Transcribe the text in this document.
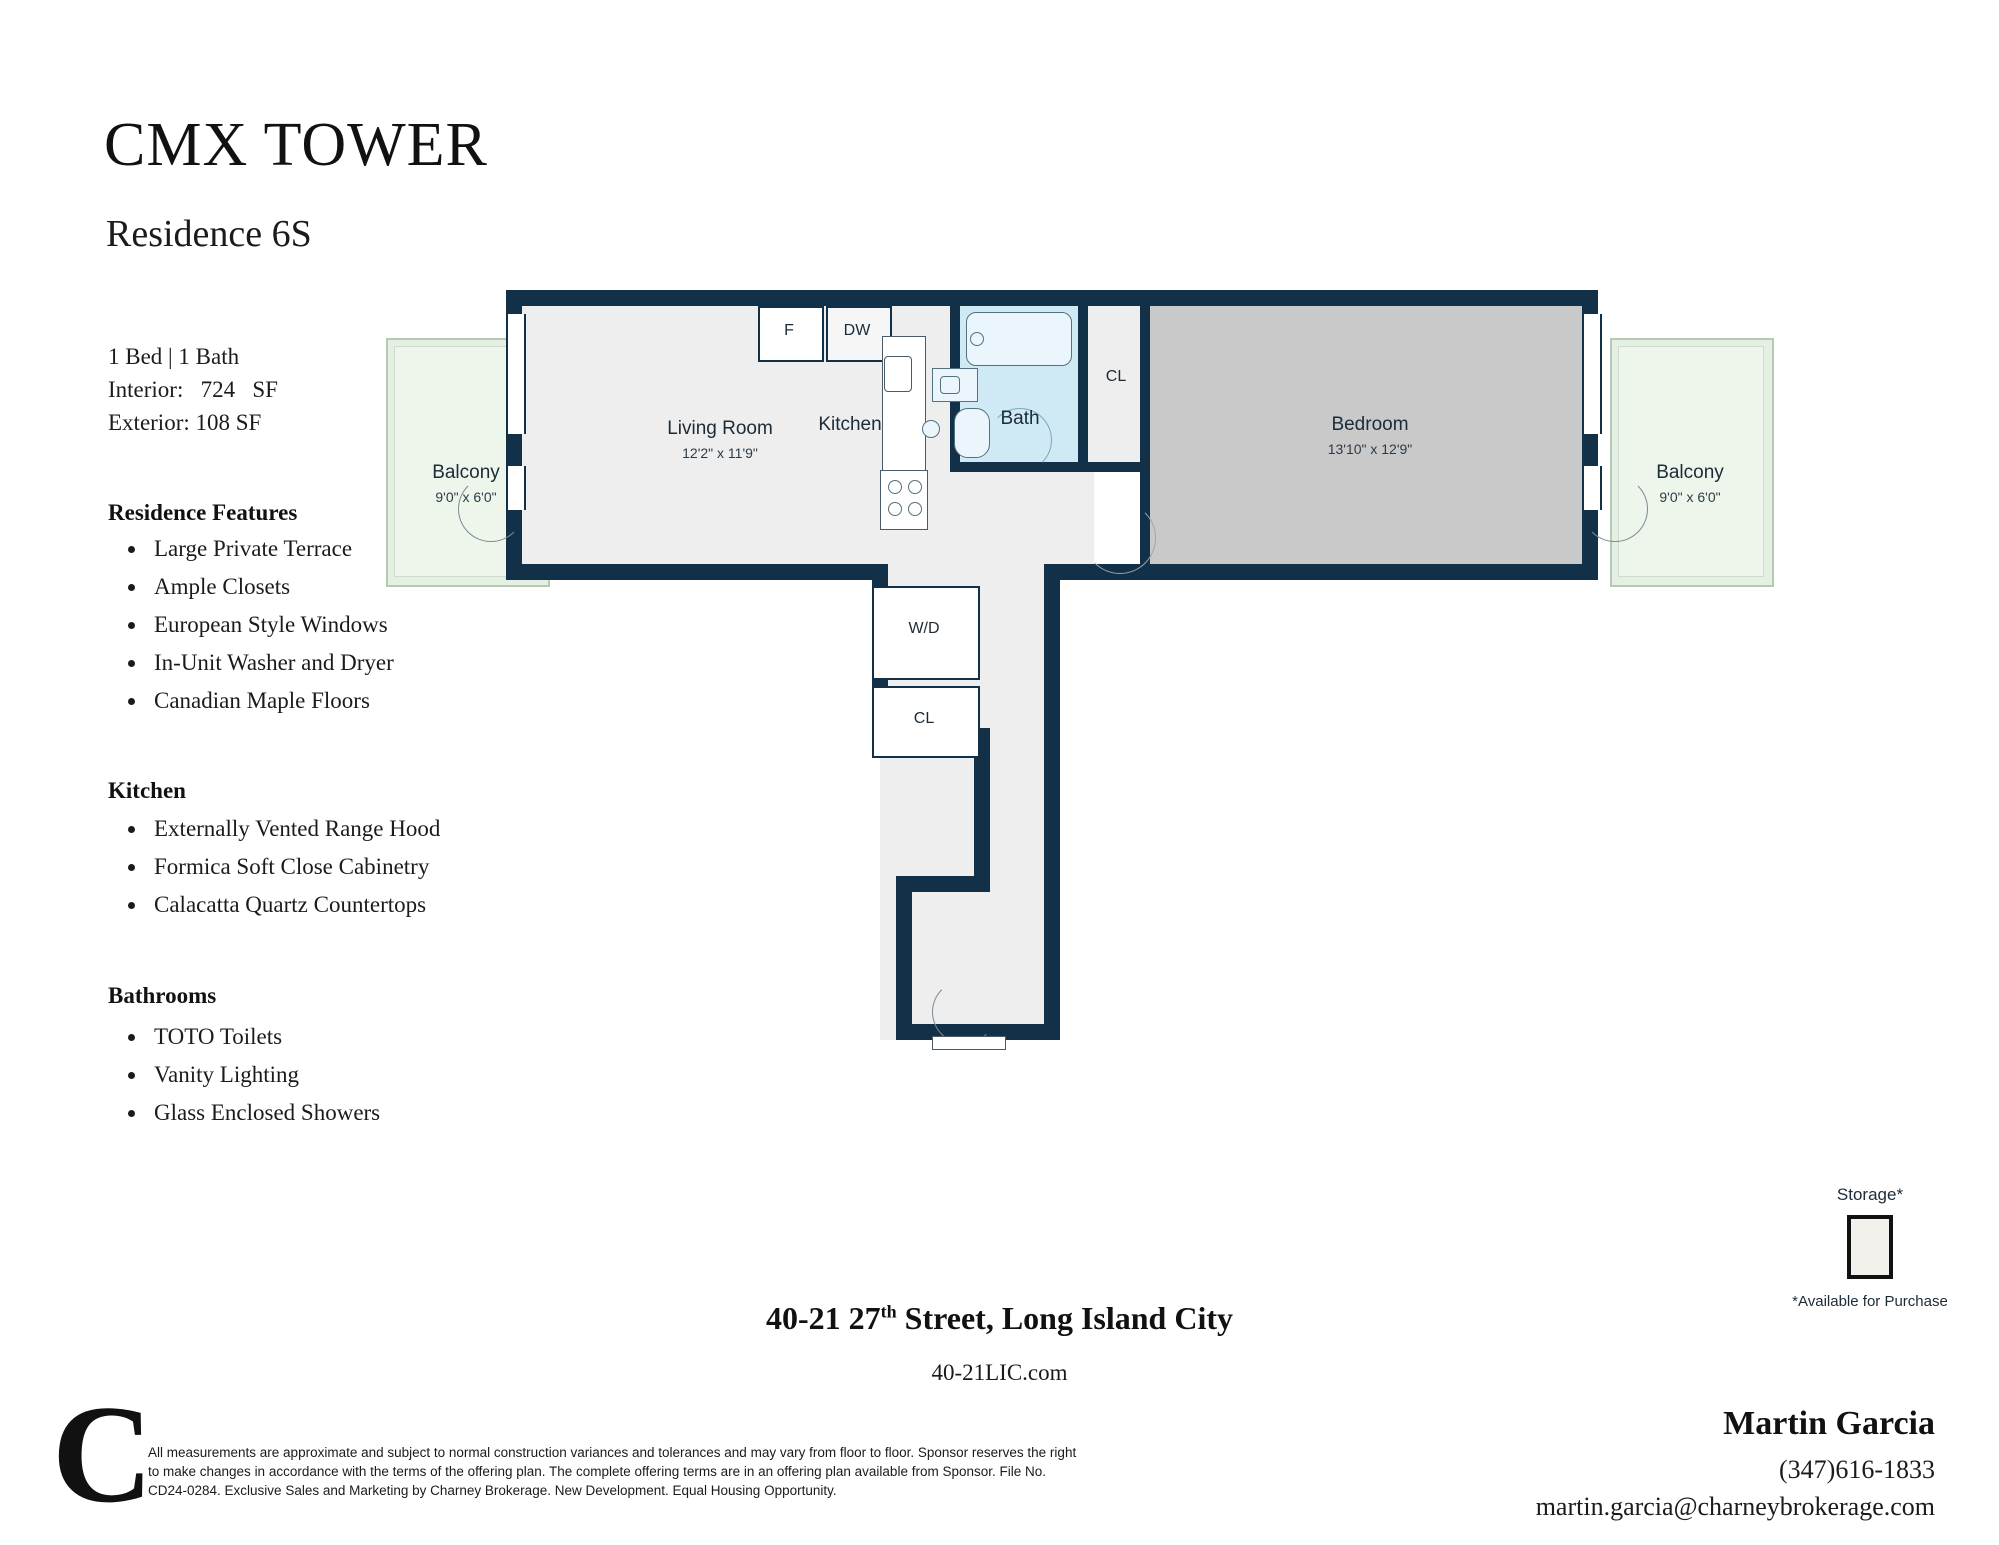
CMX TOWER
Residence 6S
1 Bed | 1 Bath
Interior:   724   SF
Exterior: 108 SF
Residence Features
• Large Private Terrace
• Ample Closets
• European Style Windows
• In-Unit Washer and Dryer
• Canadian Maple Floors
Kitchen
• Externally Vented Range Hood
• Formica Soft Close Cabinetry
• Calacatta Quartz Countertops
Bathrooms
• TOTO Toilets
• Vanity Lighting
• Glass Enclosed Showers
F	DW
CL
W/D
CL
Living Room
12'2" x 11'9"
Kitchen	Bath	Bedroom
13'10" x 12'9"
Balcony
9'0" x 6'0"
Balcony
9'0" x 6'0"
Storage*
*Available for Purchase
40-21 27th Street, Long Island City
40-21LIC.com
C
All measurements are approximate and subject to normal construction variances and tolerances and may vary from floor to floor. Sponsor reserves the right to make changes in accordance with the terms of the offering plan. The complete offering terms are in an offering plan available from Sponsor. File No. CD24-0284. Exclusive Sales and Marketing by Charney Brokerage. New Development. Equal Housing Opportunity.
Martin Garcia
(347)616-1833
martin.garcia@charneybrokerage.com
